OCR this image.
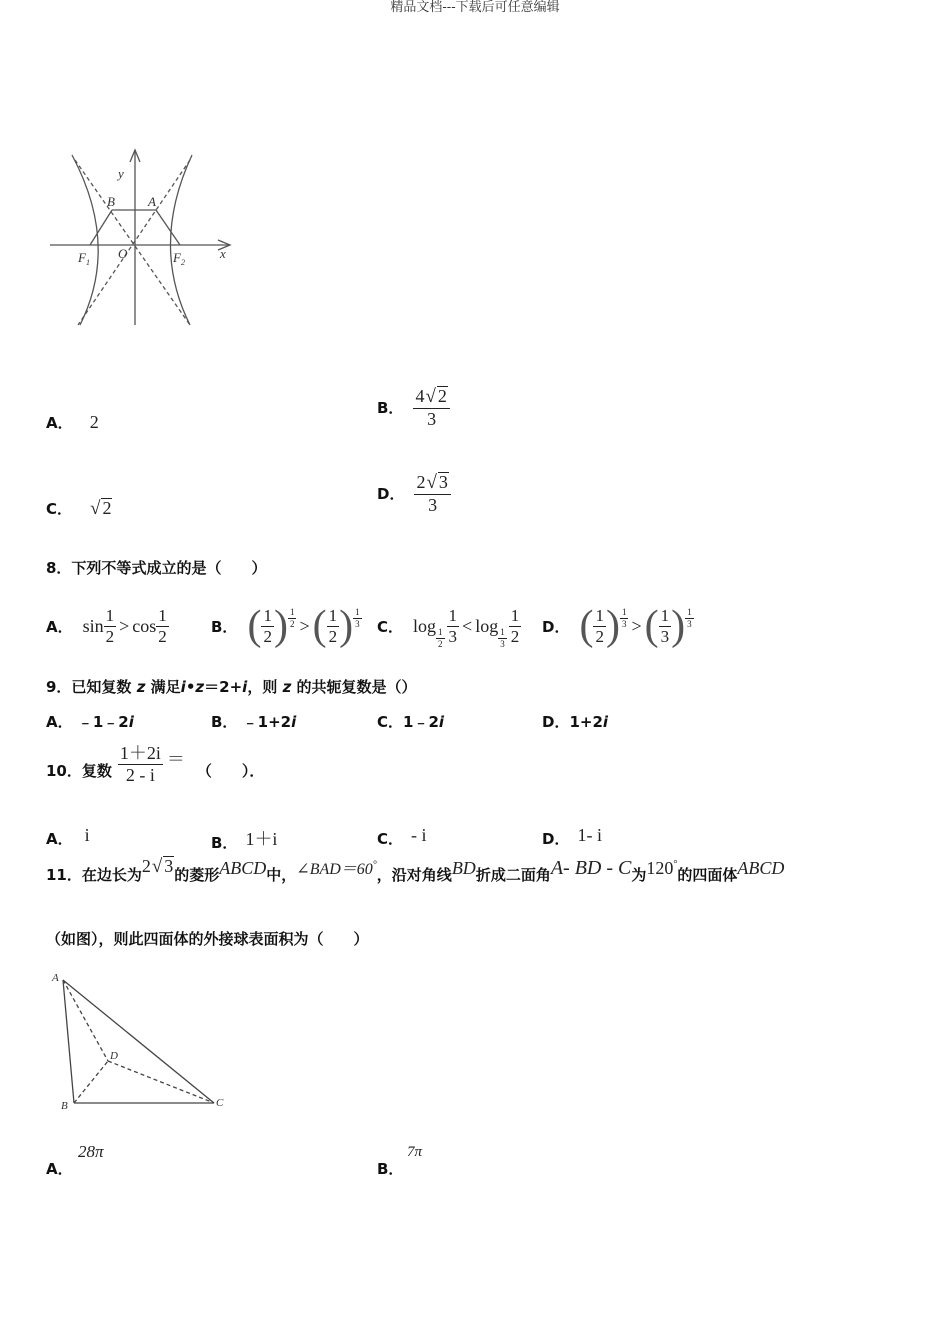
精品文档---下载后可任意编辑
y
x
O
A
B
$F_1$	$F_2$
A． 2
B． $\frac{4√ 2}{3}$
C． √ 2
D． $\frac{2√ 3}{3}$
8．下列不等式成立的是（　　）
A． $\sin \frac{1}{2} > \cos \frac{1}{2}$	B． ( $\frac{1}{2}$ ) $\frac{1}{2}$ > ( $\frac{1}{2}$ ) $\frac{1}{3}$ C． log
$\frac{1}{2} \frac{1}{3} < \log$
$\frac{1}{3} \frac{1}{2}$ D． ( $\frac{1}{2}$ ) $\frac{1}{3}$ > ( $\frac{1}{3}$ ) $\frac{1}{3}$
9．已知复数 z 满足i•z＝2+i，则 z 的共轭复数是（）
A． ﹣1﹣2i	B． ﹣1+2i	C．1﹣2i	D．1+2i
10．复数 $\frac{1+2i}{2 - i}$ ＝
（　　）．
A． i	B． 1＋i	C． - i	D． 1- i
11．在边长为 2√ 3 的菱形 ABCD 中， ∠BAD＝60°
，沿对角线 BD 折成二面角 A- BD - C 为 120°
的四面体 ABCD
（如图），则此四面体的外接球表面积为（　　）
A
B	C
D
A．
28π
B．
7π
